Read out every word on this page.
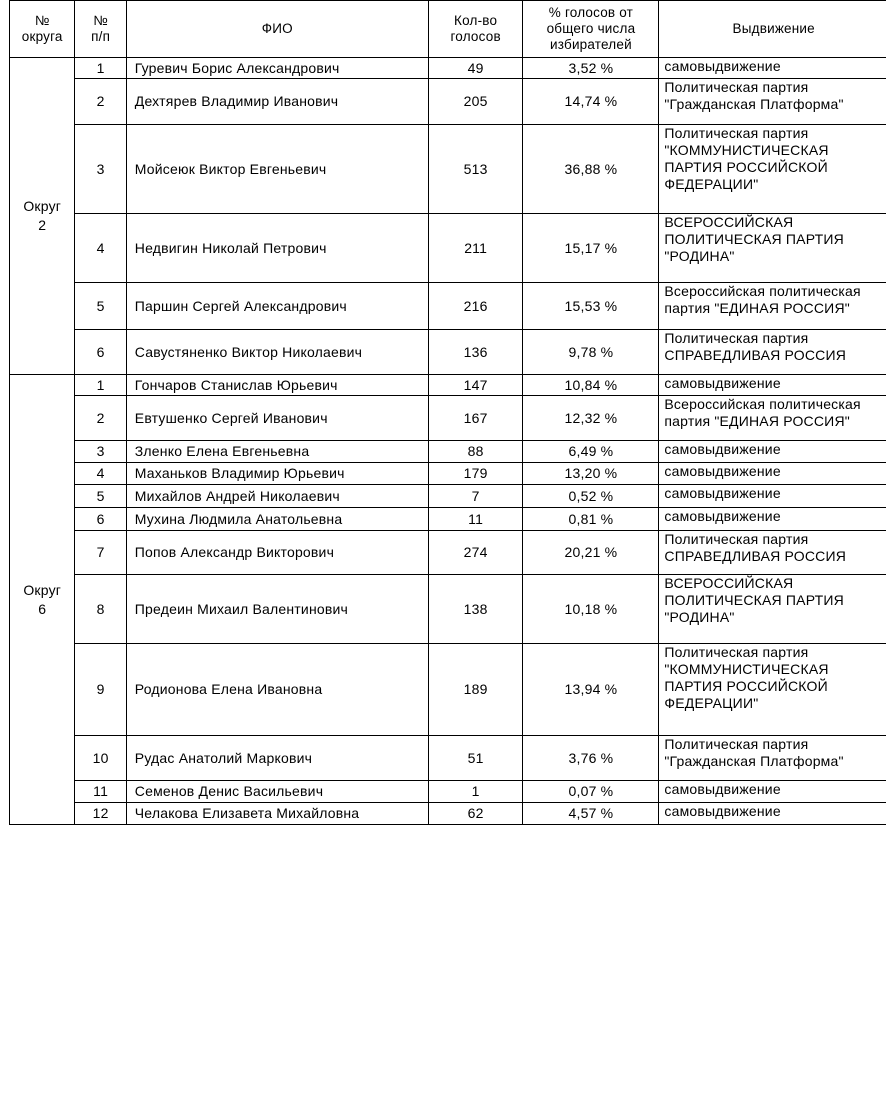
№
округа	№
п/п	ФИО	Кол-во
голосов	% голосов от
общего числа
избирателей	Выдвижение
Округ
2	1	Гуревич Борис Александрович	49	3,52 %	самовыдвижение
	2	Дехтярев Владимир Иванович	205	14,74 %	Политическая партия
"Гражданская Платформа"
	3	Мойсеюк Виктор Евгеньевич	513	36,88 %	Политическая партия
"КОММУНИСТИЧЕСКАЯ
ПАРТИЯ РОССИЙСКОЙ
ФЕДЕРАЦИИ"
	4	Недвигин Николай Петрович	211	15,17 %	ВСЕРОССИЙСКАЯ
ПОЛИТИЧЕСКАЯ ПАРТИЯ
"РОДИНА"
	5	Паршин Сергей Александрович	216	15,53 %	Всероссийская политическая
партия "ЕДИНАЯ РОССИЯ"
	6	Савустяненко Виктор Николаевич	136	9,78 %	Политическая партия
СПРАВЕДЛИВАЯ РОССИЯ
Округ
6	1	Гончаров Станислав Юрьевич	147	10,84 %	самовыдвижение
	2	Евтушенко Сергей Иванович	167	12,32 %	Всероссийская политическая
партия "ЕДИНАЯ РОССИЯ"
	3	Зленко Елена Евгеньевна	88	6,49 %	самовыдвижение
	4	Маханьков Владимир Юрьевич	179	13,20 %	самовыдвижение
	5	Михайлов Андрей Николаевич	7	0,52 %	самовыдвижение
	6	Мухина Людмила Анатольевна	11	0,81 %	самовыдвижение
	7	Попов Александр Викторович	274	20,21 %	Политическая партия
СПРАВЕДЛИВАЯ РОССИЯ
	8	Предеин Михаил Валентинович	138	10,18 %	ВСЕРОССИЙСКАЯ
ПОЛИТИЧЕСКАЯ ПАРТИЯ
"РОДИНА"
	9	Родионова Елена Ивановна	189	13,94 %	Политическая партия
"КОММУНИСТИЧЕСКАЯ
ПАРТИЯ РОССИЙСКОЙ
ФЕДЕРАЦИИ"
	10	Рудас Анатолий Маркович	51	3,76 %	Политическая партия
"Гражданская Платформа"
	11	Семенов Денис Васильевич	1	0,07 %	самовыдвижение
	12	Челакова Елизавета Михайловна	62	4,57 %	самовыдвижение
